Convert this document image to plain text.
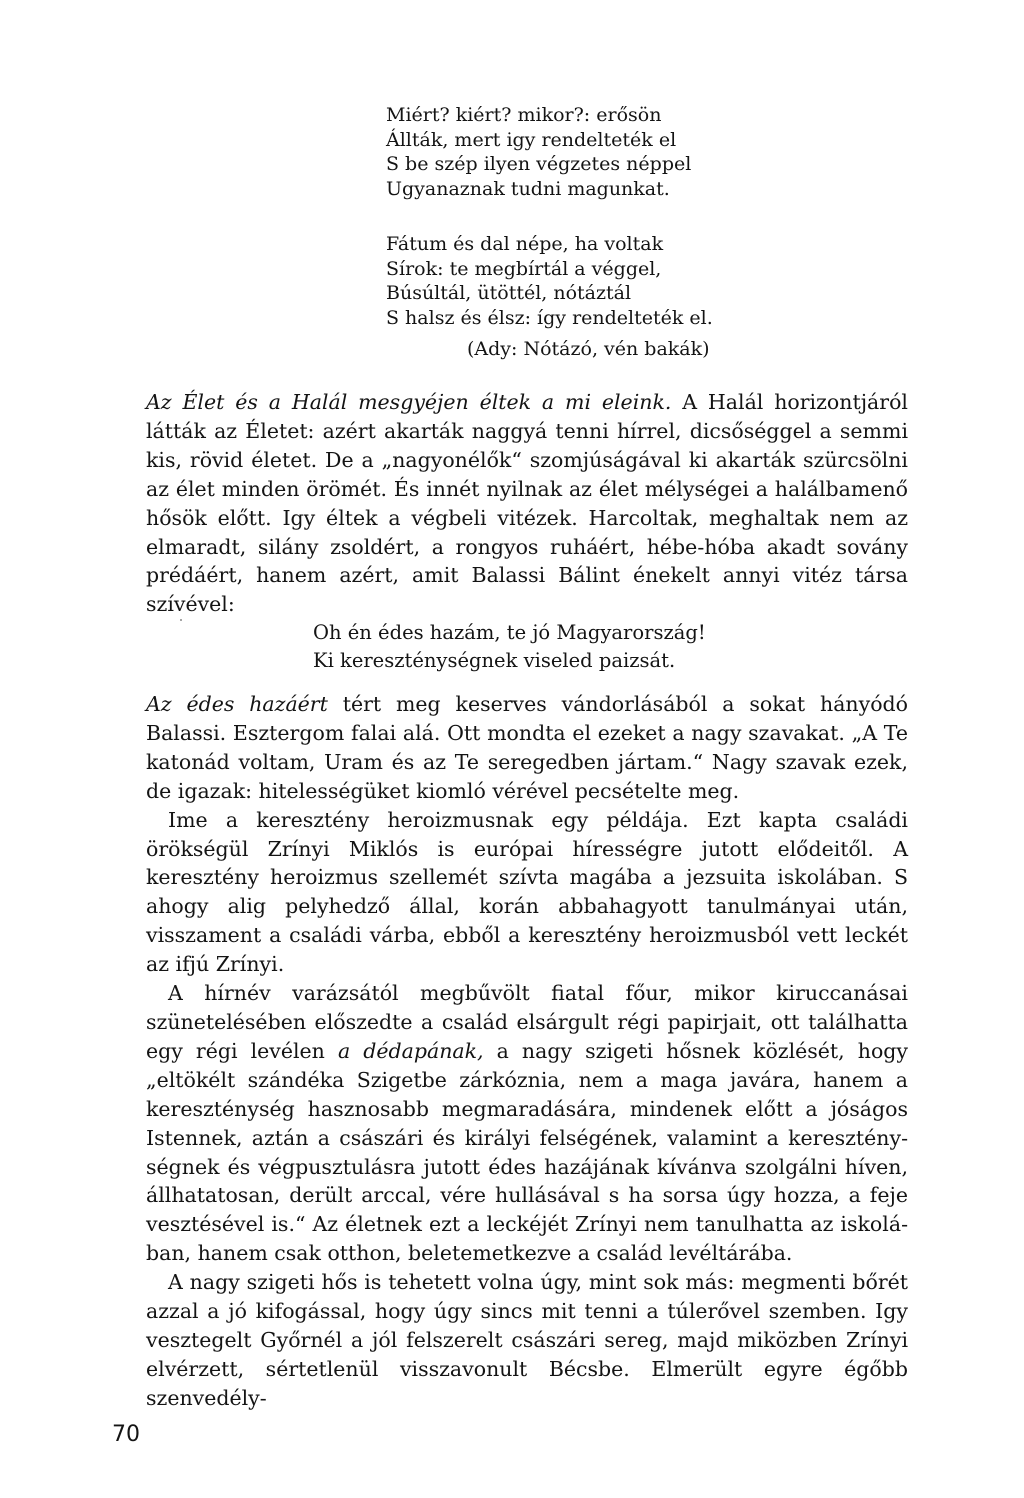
Miért? kiért? mikor?: erősön
Állták, mert igy rendelteték el
S be szép ilyen végzetes néppel
Ugyanaznak tudni magunkat.
Fátum és dal népe, ha voltak
Sírok: te megbírtál a véggel,
Búsúltál, ütöttél, nótáztál
S halsz és élsz: így rendelteték el.
(Ady: Nótázó, vén bakák)

Az Élet és a Halál mesgyéjen éltek a mi eleink. A Halál horizontjáról látták az Életet: azért akarták naggyá tenni hírrel, dicsőséggel a semmi kis, rövid életet. De a „nagyonélők“ szomjúságával ki akarták szürcsölni az élet minden örömét. És innét nyilnak az élet mélységei a halálbamenő hősök előtt. Igy éltek a végbeli vitézek. Harcoltak, meghaltak nem az elmaradt, silány zsoldért, a rongyos ruháért, hébe-hóba akadt sovány prédáért, hanem azért, amit Balassi Bálint énekelt annyi vitéz társa szívével:

Oh én édes hazám, te jó Magyarország!
Ki kereszténységnek viseled paizsát.

Az édes hazáért tért meg keserves vándorlásából a sokat hányódó Balassi. Esztergom falai alá. Ott mondta el ezeket a nagy szavakat. „A Te katonád voltam, Uram és az Te seregedben jártam.“ Nagy szavak ezek, de igazak: hitelességüket kiomló vérével pecsételte meg.

Ime a keresztény heroizmusnak egy példája. Ezt kapta családi örökségül Zrínyi Miklós is európai hírességre jutott elődeitől. A keresztény heroizmus szellemét szívta magába a jezsuita iskolában. S ahogy alig pelyhedző állal, korán abbahagyott tanulmányai után, visszament a családi várba, ebből a keresztény heroizmusból vett leckét az ifjú Zrínyi.

A hírnév varázsától megbűvölt fiatal főur, mikor kiruccanásai szünetelésében előszedte a család elsárgult régi papirjait, ott találhatta egy régi levélen a dédapának, a nagy szigeti hősnek közlését, hogy „eltökélt szándéka Szigetbe zárkóznia, nem a maga javára, hanem a kereszténység hasznosabb megmaradására, mindenek előtt a jóságos Istennek, aztán a császári és királyi felségének, valamint a kereszténységnek és végpusztulásra jutott édes hazájának kívánva szolgálni híven, állhatatosan, derült arccal, vére hullásával s ha sorsa úgy hozza, a feje vesztésével is.“ Az életnek ezt a leckéjét Zrínyi nem tanulhatta az iskolában, hanem csak otthon, beletemetkezve a család levéltárába.

A nagy szigeti hős is tehetett volna úgy, mint sok más: megmenti bőrét azzal a jó kifogással, hogy úgy sincs mit tenni a túlerővel szemben. Igy vesztegelt Győrnél a jól felszerelt császári sereg, majd miközben Zrínyi elvérzett, sértetlenül visszavonult Bécsbe. Elmerült egyre égőbb szenvedély-

70
